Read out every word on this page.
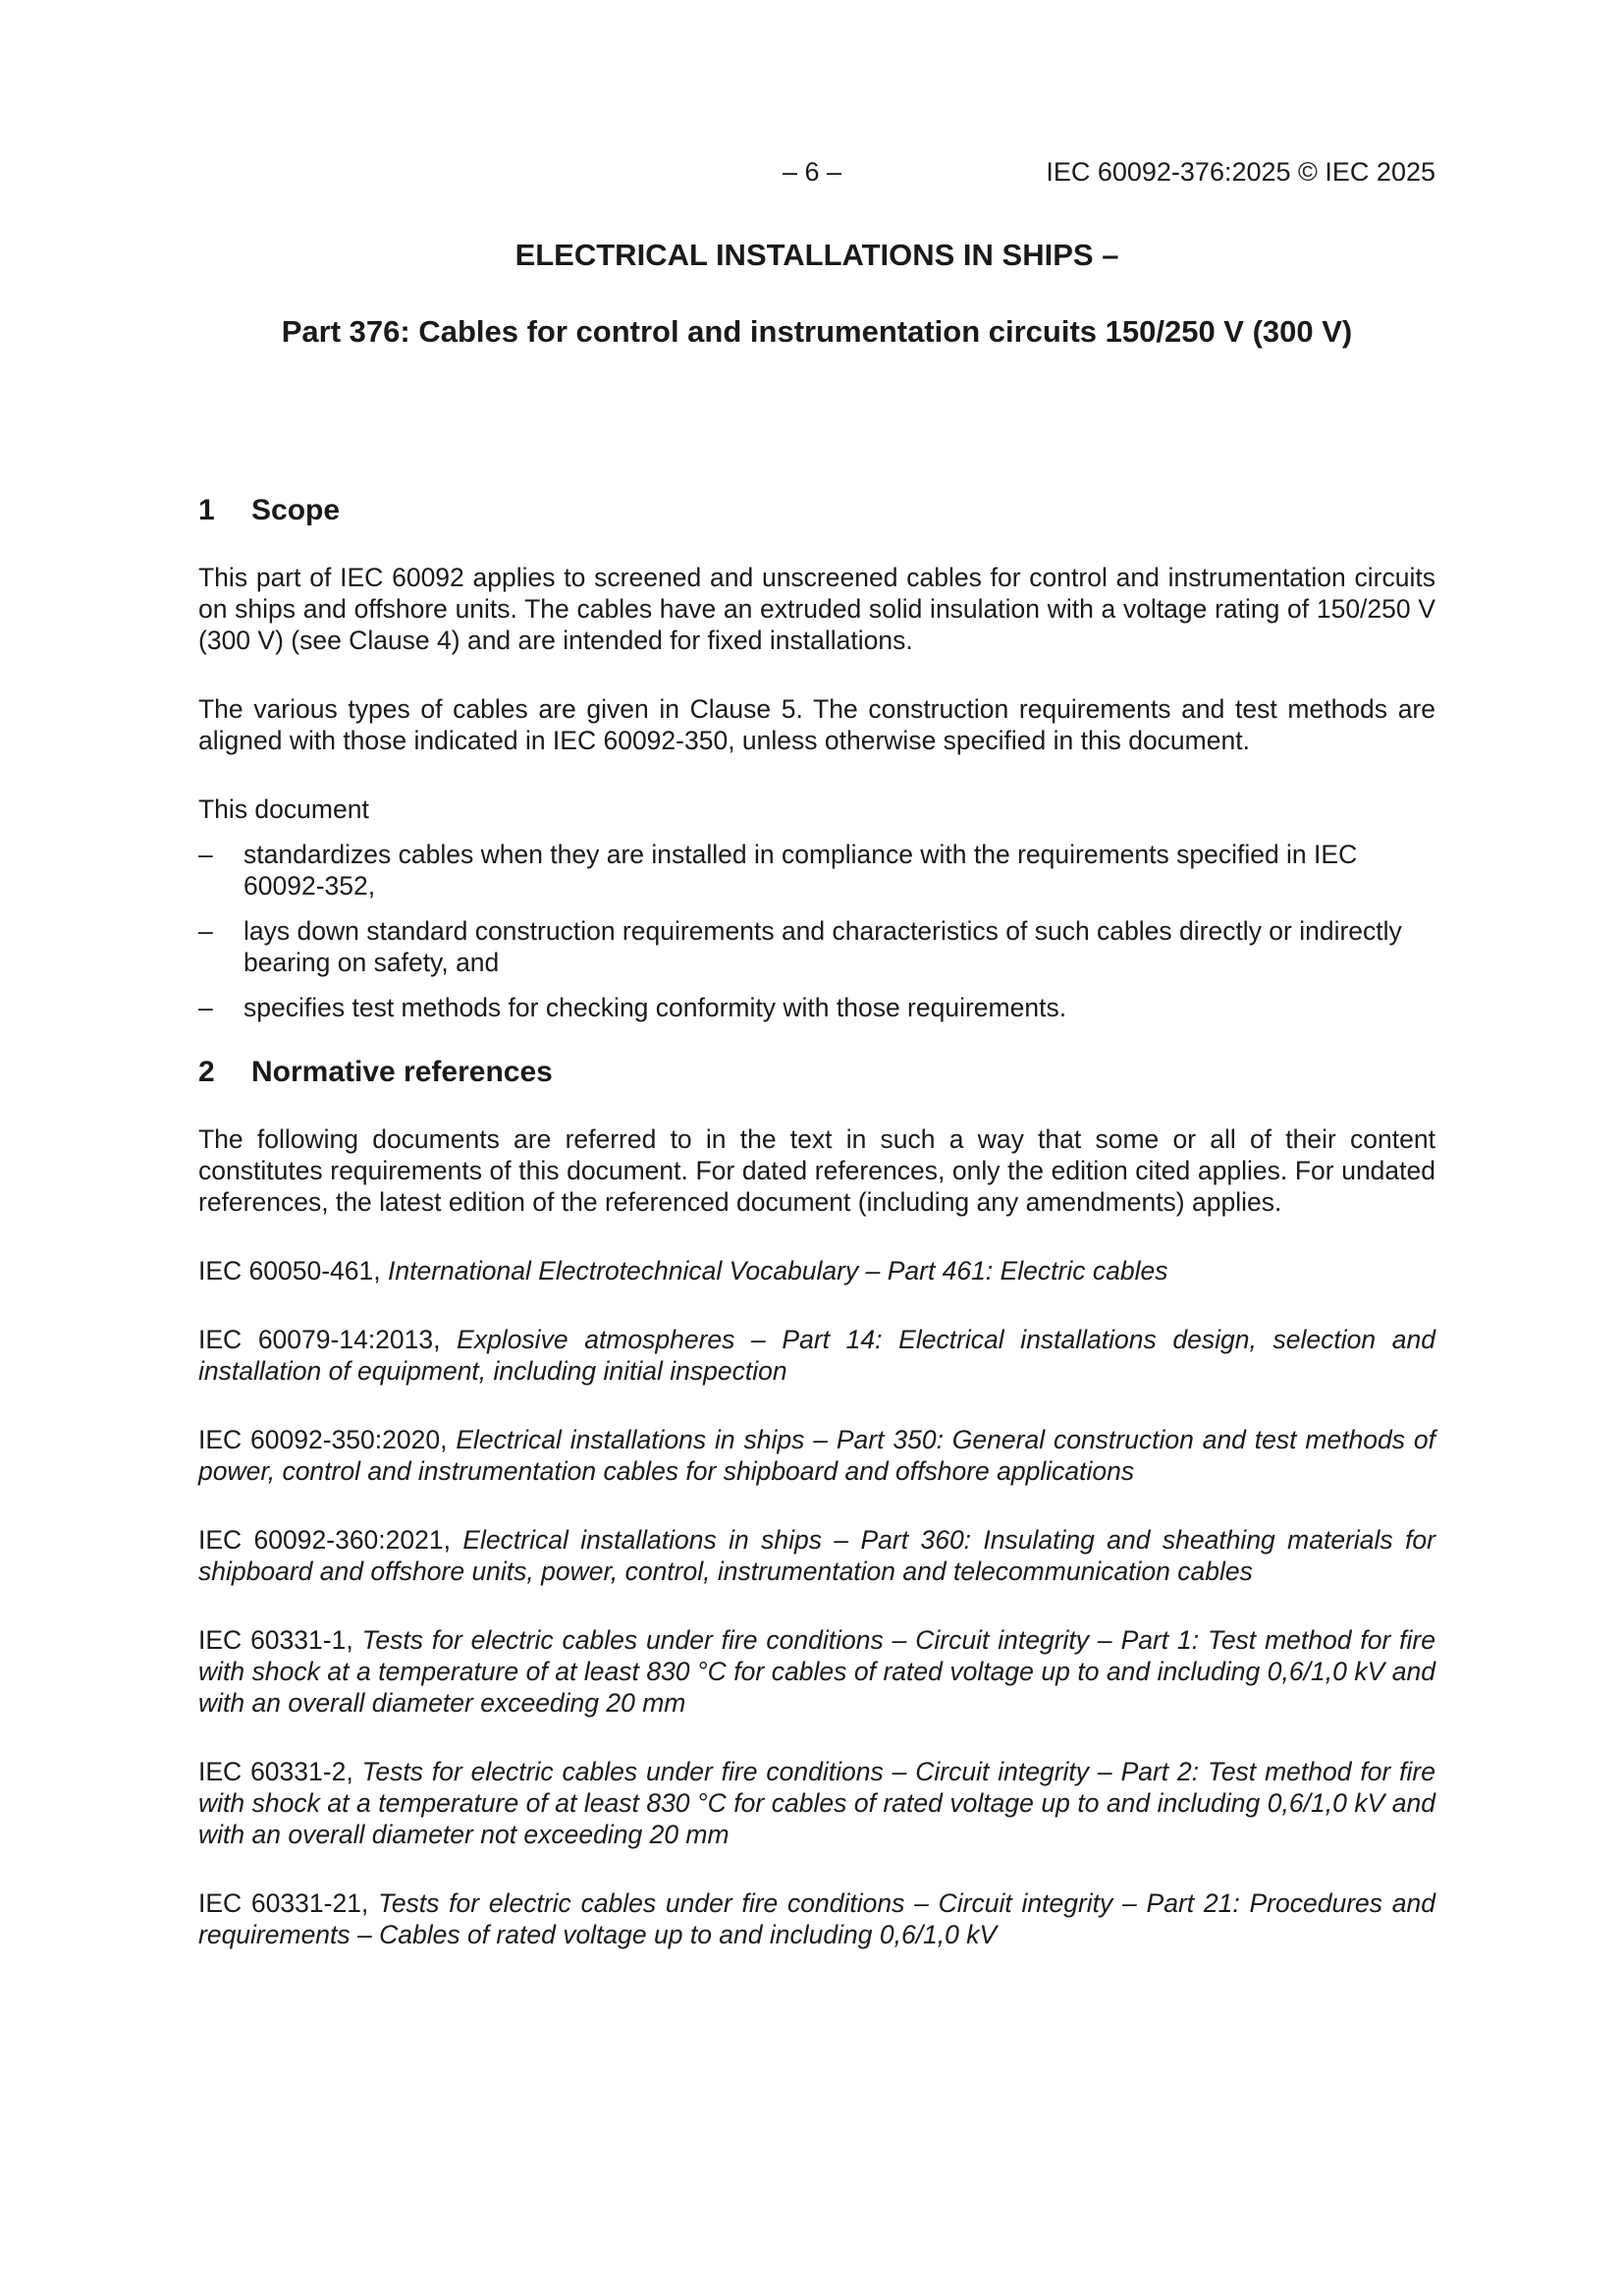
– 6 –	IEC 60092-376:2025 © IEC 2025
ELECTRICAL INSTALLATIONS IN SHIPS –
Part 376: Cables for control and instrumentation circuits 150/250 V (300 V)
1 Scope

This part of IEC 60092 applies to screened and unscreened cables for control and instrumentation circuits on ships and offshore units. The cables have an extruded solid insulation with a voltage rating of 150/250 V (300 V) (see Clause 4) and are intended for fixed installations.

The various types of cables are given in Clause 5. The construction requirements and test methods are aligned with those indicated in IEC 60092-350, unless otherwise specified in this document.

This document

– standardizes cables when they are installed in compliance with the requirements specified in IEC 60092-352,
– lays down standard construction requirements and characteristics of such cables directly or indirectly bearing on safety, and
– specifies test methods for checking conformity with those requirements.
2 Normative references

The following documents are referred to in the text in such a way that some or all of their content constitutes requirements of this document. For dated references, only the edition cited applies. For undated references, the latest edition of the referenced document (including any amendments) applies.

IEC 60050-461, International Electrotechnical Vocabulary – Part 461: Electric cables

IEC 60079-14:2013, Explosive atmospheres – Part 14: Electrical installations design, selection and installation of equipment, including initial inspection

IEC 60092-350:2020, Electrical installations in ships – Part 350: General construction and test methods of power, control and instrumentation cables for shipboard and offshore applications

IEC 60092-360:2021, Electrical installations in ships – Part 360: Insulating and sheathing materials for shipboard and offshore units, power, control, instrumentation and telecommunication cables

IEC 60331-1, Tests for electric cables under fire conditions – Circuit integrity – Part 1: Test method for fire with shock at a temperature of at least 830 °C for cables of rated voltage up to and including 0,6/1,0 kV and with an overall diameter exceeding 20 mm

IEC 60331-2, Tests for electric cables under fire conditions – Circuit integrity – Part 2: Test method for fire with shock at a temperature of at least 830 °C for cables of rated voltage up to and including 0,6/1,0 kV and with an overall diameter not exceeding 20 mm

IEC 60331-21, Tests for electric cables under fire conditions – Circuit integrity – Part 21: Procedures and requirements – Cables of rated voltage up to and including 0,6/1,0 kV
